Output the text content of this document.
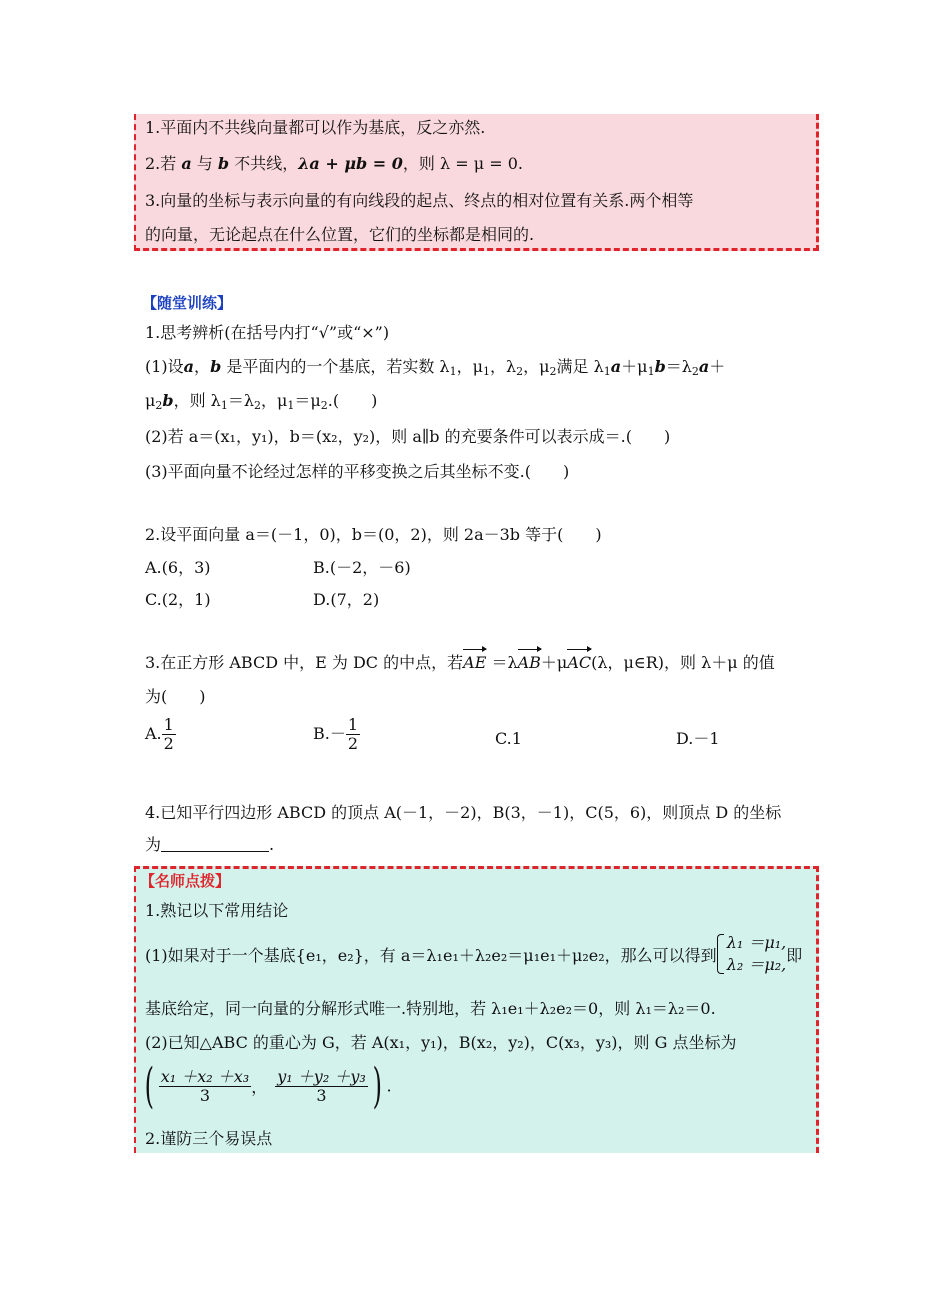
1.平面内不共线向量都可以作为基底，反之亦然.
2.若 a 与 b 不共线，λa + μb = 0，则 λ = μ = 0.
3.向量的坐标与表示向量的有向线段的起点、终点的相对位置有关系.两个相等
的向量，无论起点在什么位置，它们的坐标都是相同的.
【随堂训练】
1.思考辨析(在括号内打“√”或“×”)
(1)设a，b 是平面内的一个基底，若实数 $\lambda_1$，$\mu_1$，$\lambda_2$，$\mu_2$满足 $\lambda_1a+\mu_1b=\lambda_2a+$
$\mu_2b$，则 $\lambda_1=\lambda_2$，$\mu_1=\mu_2$.(　　)
(2)若 a＝(x₁，y₁)，b＝(x₂，y₂)，则 a∥b 的充要条件可以表示成＝.(　　)
(3)平面向量不论经过怎样的平移变换之后其坐标不变.(　　)
2.设平面向量 a＝(－1，0)，b＝(0，2)，则 2a－3b 等于(　　)
A.(6，3)	B.(－2，－6)
C.(2，1)	D.(7，2)
3.在正方形 ABCD 中，E 为 DC 的中点，若AE ＝λAB＋μAC(λ，μ∈R)，则 λ＋μ 的值
为(　　)
A. $\frac{1}{2}$	$B.- \frac{1}{2}$	C.1	D.－1
4.已知平行四边形 ABCD 的顶点 A(－1，－2)，B(3，－1)，C(5，6)，则顶点 D 的坐标
为	.
【名师点拨】
1.熟记以下常用结论
(1)如果对于一个基底{e₁，e₂}，有 a＝λ₁e₁＋λ₂e₂＝μ₁e₁＋μ₂e₂，那么可以得到
λ₁ ＝μ₁,
λ₂ ＝μ₂, 即
基底给定，同一向量的分解形式唯一.特别地，若 λ₁e₁＋λ₂e₂＝0，则 λ₁＝λ₂＝0.
(2)已知△ABC 的重心为 G，若 A(x₁，y₁)，B(x₂，y₂)，C(x₃，y₃)，则 G 点坐标为
( $\frac{\text{x₁ ＋x₂ ＋x₃}}{3}$ ， $\frac{\text{y₁ ＋y₂ ＋y₃}}{3}$ ) .
2.谨防三个易误点
